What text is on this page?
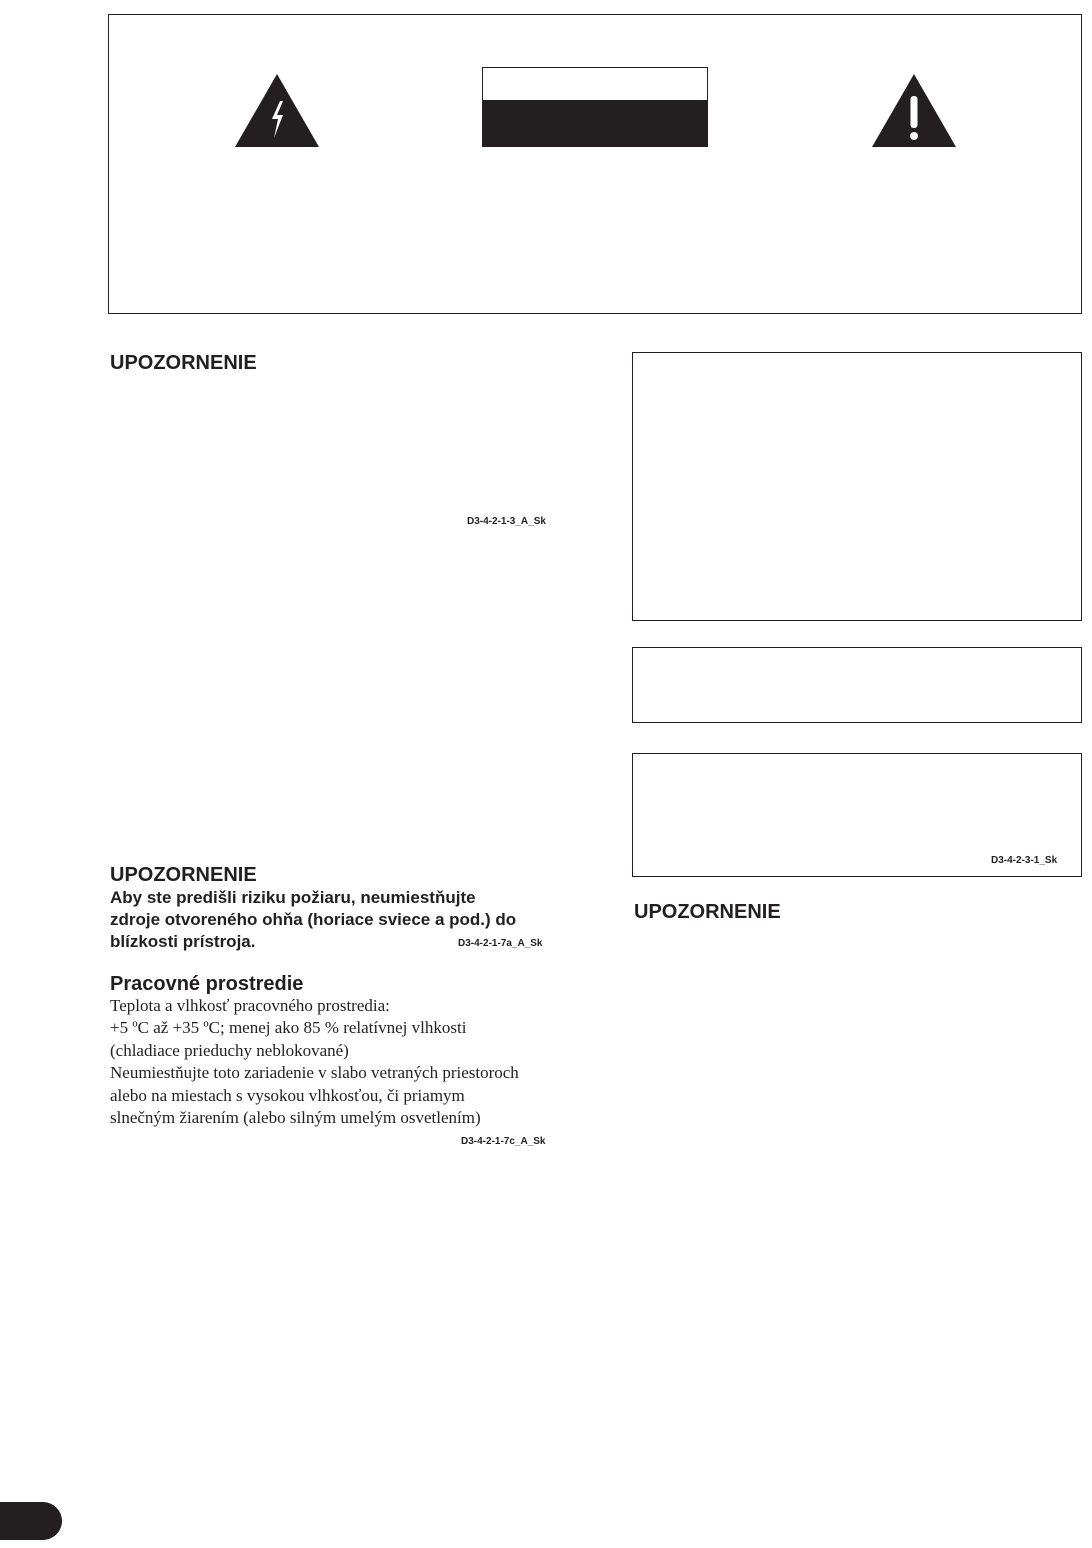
UPOZORNENIE
D3-4-2-1-3_A_Sk
UPOZORNENIE
Aby ste predišli riziku požiaru, neumiestňujte
zdroje otvoreného ohňa (horiace sviece a pod.) do
blízkosti prístroja.	D3-4-2-1-7a_A_Sk
Pracovné prostredie
Teplota a vlhkosť pracovného prostredia:
+5 ºC až +35 ºC; menej ako 85 % relatívnej vlhkosti
(chladiace prieduchy neblokované)
Neumiestňujte toto zariadenie v slabo vetraných priestoroch
alebo na miestach s vysokou vlhkosťou, či priamym
slnečným žiarením (alebo silným umelým osvetlením)
D3-4-2-1-7c_A_Sk
D3-4-2-3-1_Sk
UPOZORNENIE
